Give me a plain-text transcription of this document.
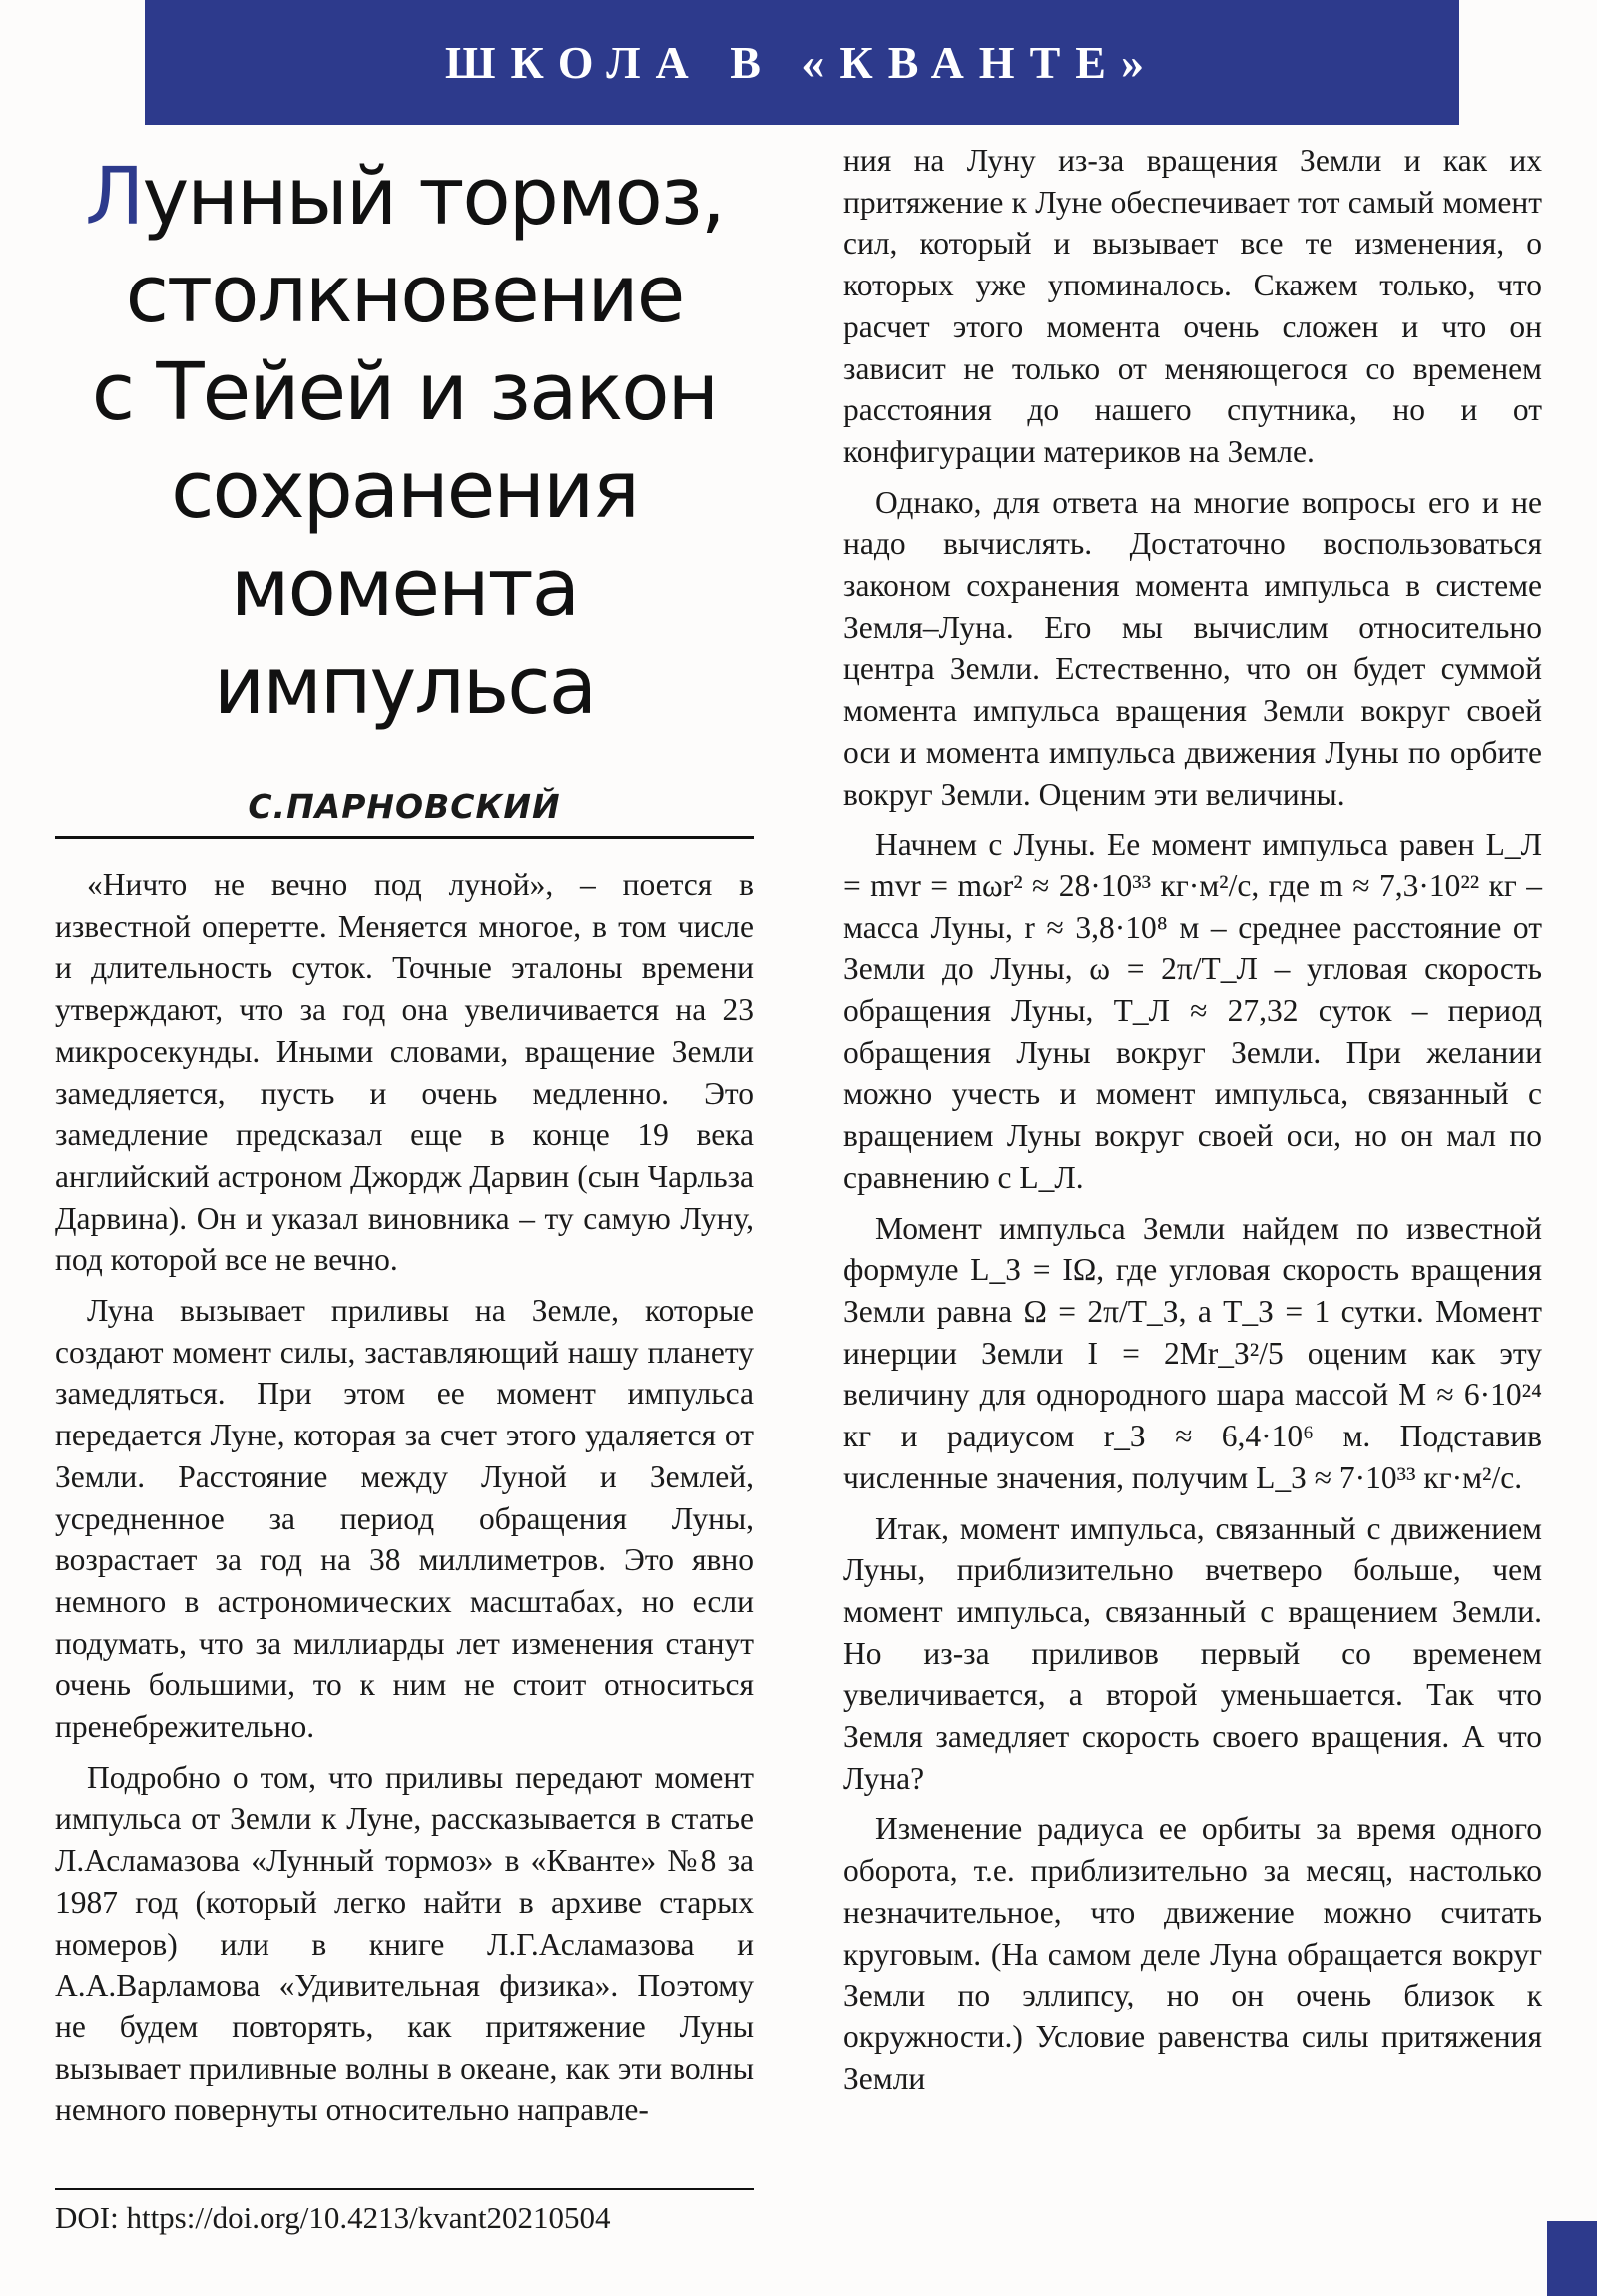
ШКОЛА В «КВАНТЕ»
Лунный тормоз,
столкновение
с Тейей и закон
сохранения
момента импульса
С.ПАРНОВСКИЙ

«Ничто не вечно под луной», – поется в известной оперетте. Меняется многое, в том числе и длительность суток. Точные эталоны времени утверждают, что за год она увеличивается на 23 микросекунды. Иными словами, вращение Земли замедляется, пусть и очень медленно. Это замедление предсказал еще в конце 19 века английский астроном Джордж Дарвин (сын Чарльза Дарвина). Он и указал виновника – ту самую Луну, под которой все не вечно.

Луна вызывает приливы на Земле, которые создают момент силы, заставляющий нашу планету замедляться. При этом ее момент импульса передается Луне, которая за счет этого удаляется от Земли. Расстояние между Луной и Землей, усредненное за период обращения Луны, возрастает за год на 38 миллиметров. Это явно немного в астрономических масштабах, но если подумать, что за миллиарды лет изменения станут очень большими, то к ним не стоит относиться пренебрежительно.

Подробно о том, что приливы передают момент импульса от Земли к Луне, рассказывается в статье Л.Асламазова «Лунный тормоз» в «Кванте» №8 за 1987 год (который легко найти в архиве старых номеров) или в книге Л.Г.Асламазова и А.А.Варламова «Удивительная физика». Поэтому не будем повторять, как притяжение Луны вызывает приливные волны в океане, как эти волны немного повернуты относительно направле-

DOI: https://doi.org/10.4213/kvant20210504

ния на Луну из-за вращения Земли и как их притяжение к Луне обеспечивает тот самый момент сил, который и вызывает все те изменения, о которых уже упоминалось. Скажем только, что расчет этого момента очень сложен и что он зависит не только от меняющегося со временем расстояния до нашего спутника, но и от конфигурации материков на Земле.

Однако, для ответа на многие вопросы его и не надо вычислять. Достаточно воспользоваться законом сохранения момента импульса в системе Земля–Луна. Его мы вычислим относительно центра Земли. Естественно, что он будет суммой момента импульса вращения Земли вокруг своей оси и момента импульса движения Луны по орбите вокруг Земли. Оценим эти величины.

Начнем с Луны. Ее момент импульса равен L_Л = mvr = mωr² ≈ 28·10³³ кг·м²/с, где m ≈ 7,3·10²² кг – масса Луны, r ≈ 3,8·10⁸ м – среднее расстояние от Земли до Луны, ω = 2π/T_Л – угловая скорость обращения Луны, T_Л ≈ 27,32 суток – период обращения Луны вокруг Земли. При желании можно учесть и момент импульса, связанный с вращением Луны вокруг своей оси, но он мал по сравнению с L_Л.

Момент импульса Земли найдем по известной формуле L_З = IΩ, где угловая скорость вращения Земли равна Ω = 2π/T_З, а T_З = 1 сутки. Момент инерции Земли I = 2Mr_З²/5 оценим как эту величину для однородного шара массой M ≈ 6·10²⁴ кг и радиусом r_З ≈ 6,4·10⁶ м. Подставив численные значения, получим L_З ≈ 7·10³³ кг·м²/с.

Итак, момент импульса, связанный с движением Луны, приблизительно вчетверо больше, чем момент импульса, связанный с вращением Земли. Но из-за приливов первый со временем увеличивается, а второй уменьшается. Так что Земля замедляет скорость своего вращения. А что Луна?

Изменение радиуса ее орбиты за время одного оборота, т.е. приблизительно за месяц, настолько незначительное, что движение можно считать круговым. (На самом деле Луна обращается вокруг Земли по эллипсу, но он очень близок к окружности.) Условие равенства силы притяжения Земли
